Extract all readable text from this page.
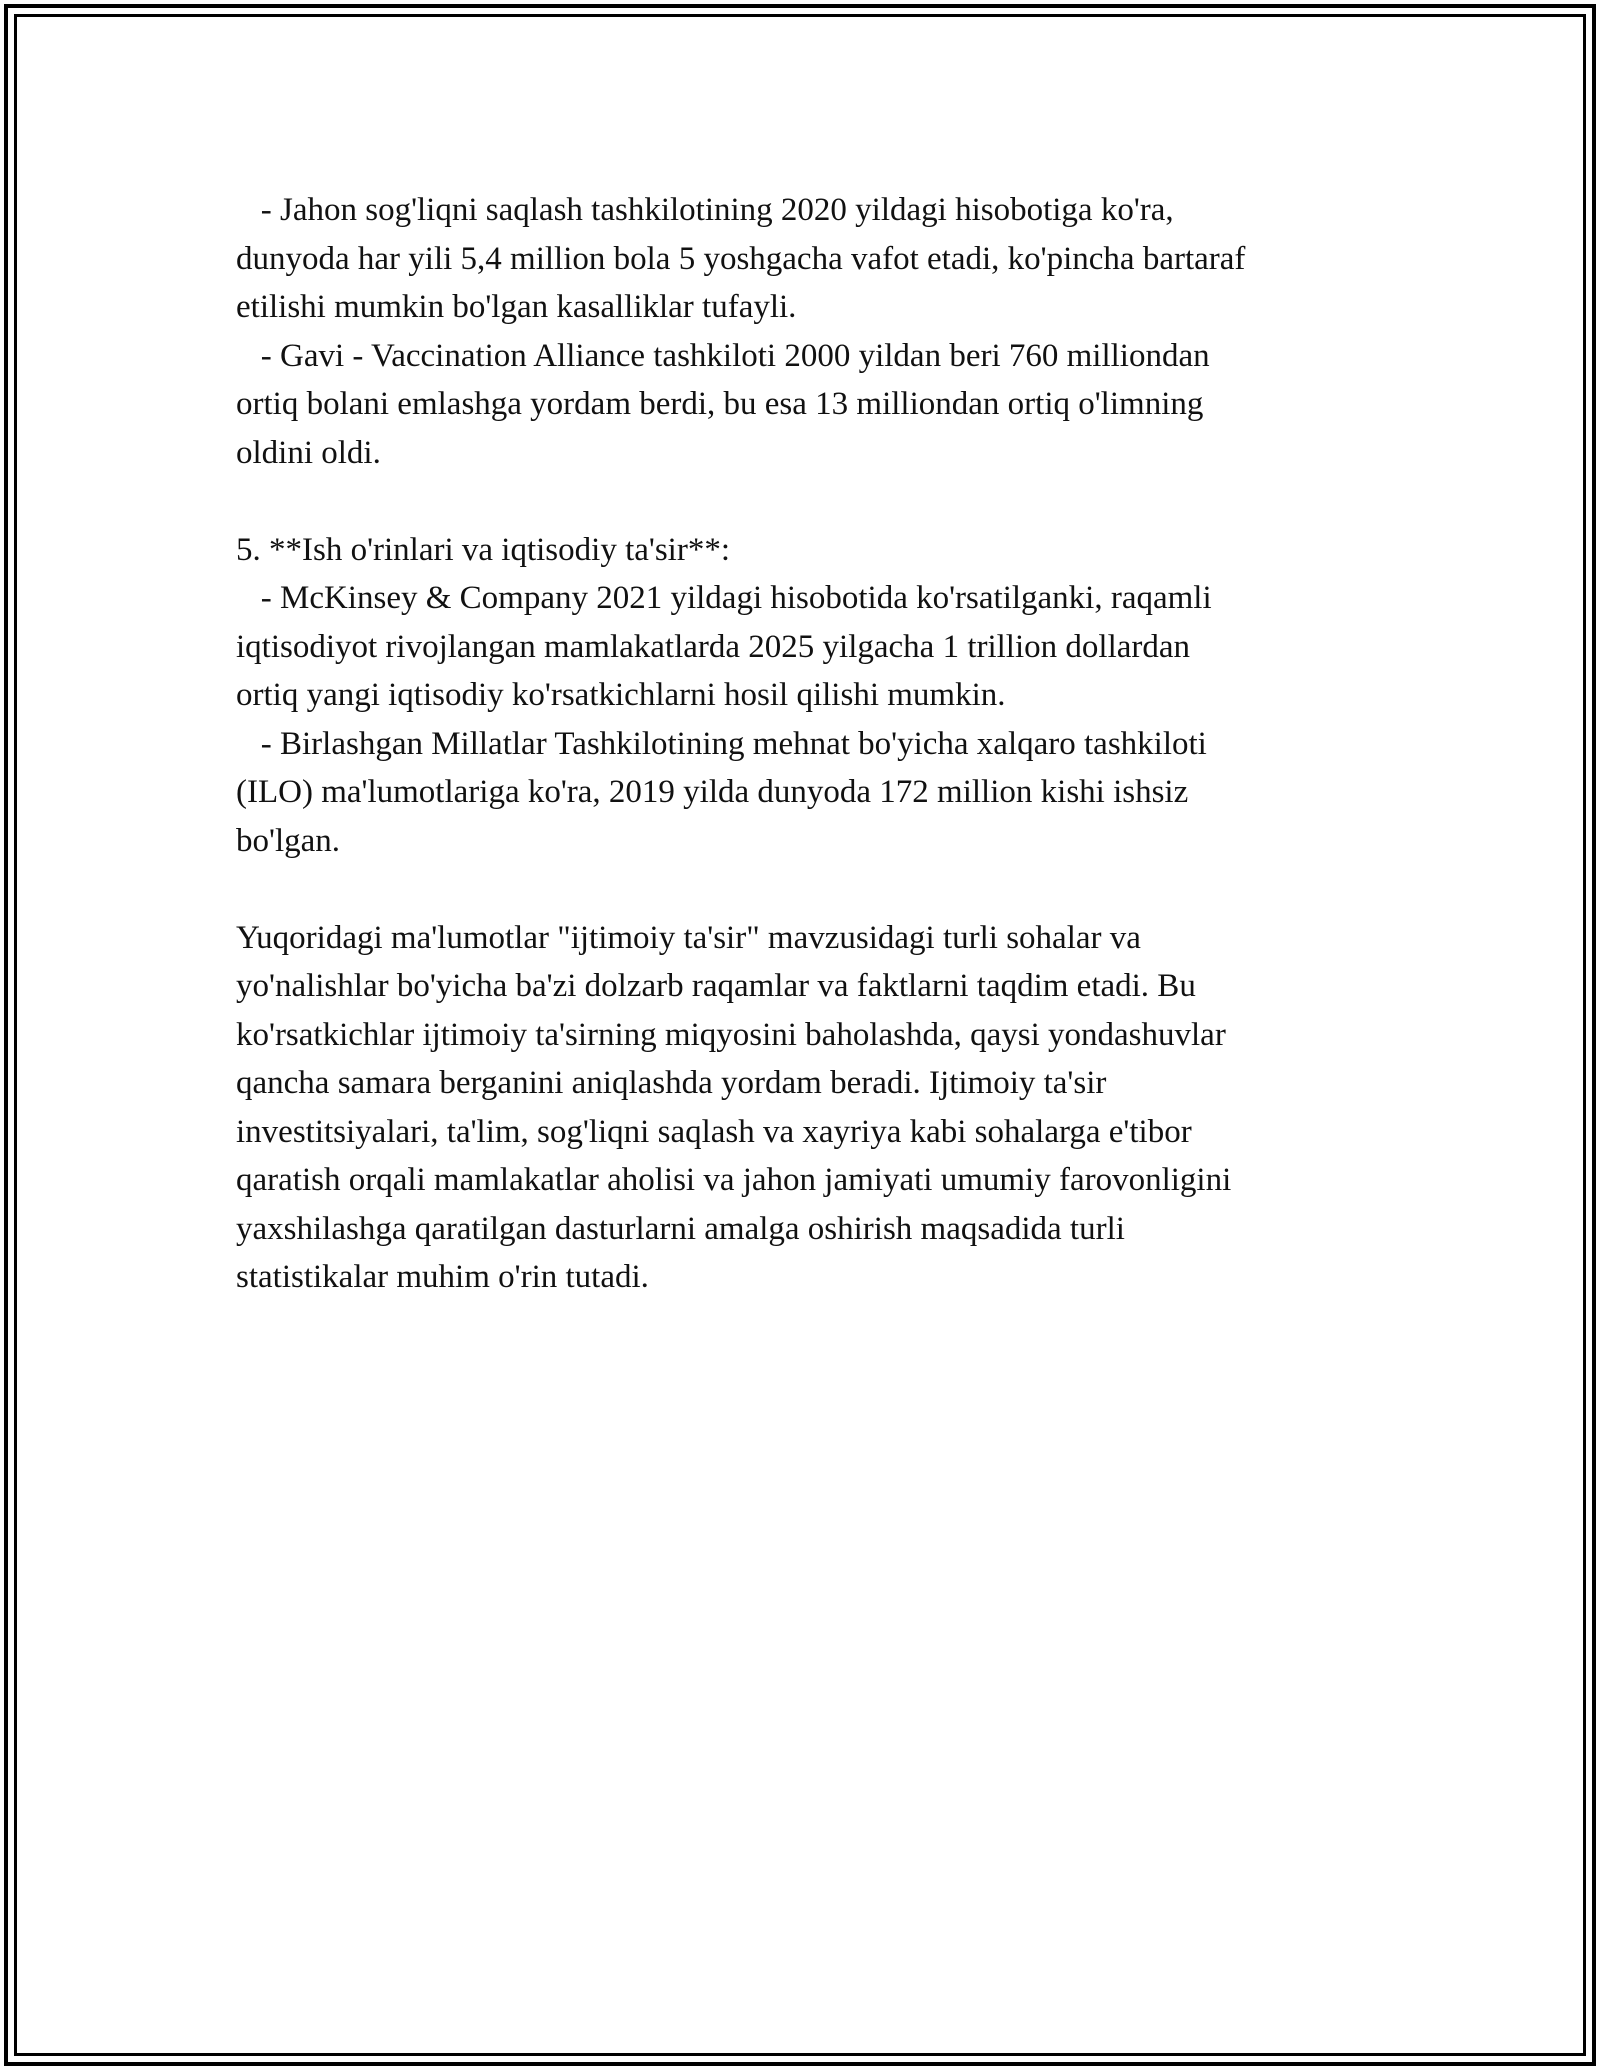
- Jahon sog'liqni saqlash tashkilotining 2020 yildagi hisobotiga ko'ra,
dunyoda har yili 5,4 million bola 5 yoshgacha vafot etadi, ko'pincha bartaraf
etilishi mumkin bo'lgan kasalliklar tufayli.
- Gavi - Vaccination Alliance tashkiloti 2000 yildan beri 760 milliondan
ortiq bolani emlashga yordam berdi, bu esa 13 milliondan ortiq o'limning
oldini oldi.
5. **Ish o'rinlari va iqtisodiy ta'sir**:
- McKinsey & Company 2021 yildagi hisobotida ko'rsatilganki, raqamli
iqtisodiyot rivojlangan mamlakatlarda 2025 yilgacha 1 trillion dollardan
ortiq yangi iqtisodiy ko'rsatkichlarni hosil qilishi mumkin.
- Birlashgan Millatlar Tashkilotining mehnat bo'yicha xalqaro tashkiloti
(ILO) ma'lumotlariga ko'ra, 2019 yilda dunyoda 172 million kishi ishsiz
bo'lgan.
Yuqoridagi ma'lumotlar "ijtimoiy ta'sir" mavzusidagi turli sohalar va
yo'nalishlar bo'yicha ba'zi dolzarb raqamlar va faktlarni taqdim etadi. Bu
ko'rsatkichlar ijtimoiy ta'sirning miqyosini baholashda, qaysi yondashuvlar
qancha samara berganini aniqlashda yordam beradi. Ijtimoiy ta'sir
investitsiyalari, ta'lim, sog'liqni saqlash va xayriya kabi sohalarga e'tibor
qaratish orqali mamlakatlar aholisi va jahon jamiyati umumiy farovonligini
yaxshilashga qaratilgan dasturlarni amalga oshirish maqsadida turli
statistikalar muhim o'rin tutadi.
